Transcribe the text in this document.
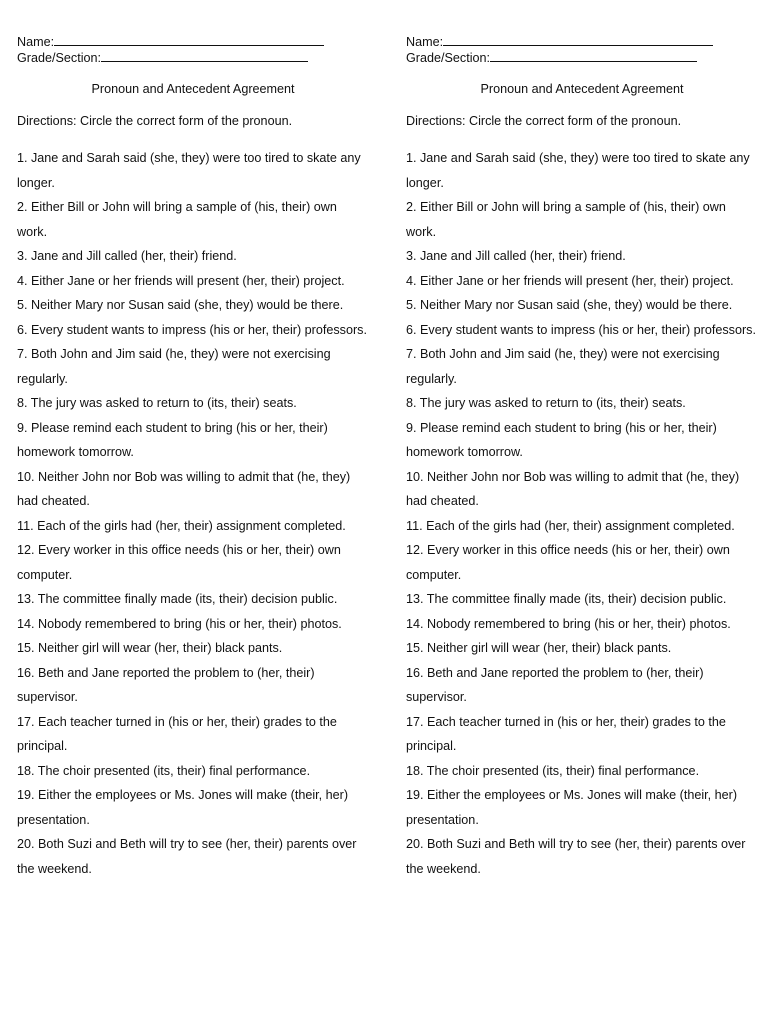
Name:
Grade/Section:
Pronoun and Antecedent Agreement
Directions: Circle the correct form of the pronoun.
1. Jane and Sarah said (she, they) were too tired to skate any longer.
2. Either Bill or John will bring a sample of (his, their) own work.
3. Jane and Jill called (her, their) friend.
4. Either Jane or her friends will present (her, their) project.
5. Neither Mary nor Susan said (she, they) would be there.
6. Every student wants to impress (his or her, their) professors.
7. Both John and Jim said (he, they) were not exercising regularly.
8. The jury was asked to return to (its, their) seats.
9. Please remind each student to bring (his or her, their) homework tomorrow.
10. Neither John nor Bob was willing to admit that (he, they) had cheated.
11. Each of the girls had (her, their) assignment completed.
12. Every worker in this office needs (his or her, their) own computer.
13. The committee finally made (its, their) decision public.
14. Nobody remembered to bring (his or her, their) photos.
15. Neither girl will wear (her, their) black pants.
16. Beth and Jane reported the problem to (her, their) supervisor.
17. Each teacher turned in (his or her, their) grades to the principal.
18. The choir presented (its, their) final performance.
19. Either the employees or Ms. Jones will make (their, her) presentation.
20. Both Suzi and Beth will try to see (her, their) parents over the weekend.
Name:
Grade/Section:
Pronoun and Antecedent Agreement
Directions: Circle the correct form of the pronoun.
1. Jane and Sarah said (she, they) were too tired to skate any longer.
2. Either Bill or John will bring a sample of (his, their) own work.
3. Jane and Jill called (her, their) friend.
4. Either Jane or her friends will present (her, their) project.
5. Neither Mary nor Susan said (she, they) would be there.
6. Every student wants to impress (his or her, their) professors.
7. Both John and Jim said (he, they) were not exercising regularly.
8. The jury was asked to return to (its, their) seats.
9. Please remind each student to bring (his or her, their) homework tomorrow.
10. Neither John nor Bob was willing to admit that (he, they) had cheated.
11. Each of the girls had (her, their) assignment completed.
12. Every worker in this office needs (his or her, their) own computer.
13. The committee finally made (its, their) decision public.
14. Nobody remembered to bring (his or her, their) photos.
15. Neither girl will wear (her, their) black pants.
16. Beth and Jane reported the problem to (her, their) supervisor.
17. Each teacher turned in (his or her, their) grades to the principal.
18. The choir presented (its, their) final performance.
19. Either the employees or Ms. Jones will make (their, her) presentation.
20. Both Suzi and Beth will try to see (her, their) parents over the weekend.
